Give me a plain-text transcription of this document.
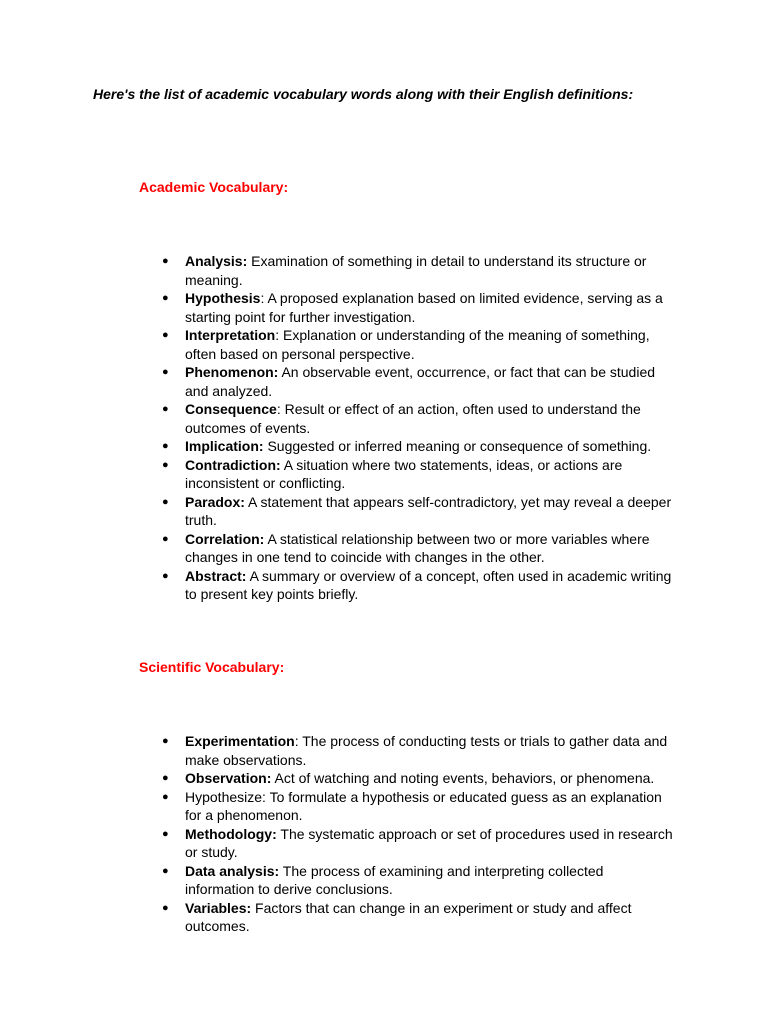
Here's the list of academic vocabulary words along with their English definitions:

Academic Vocabulary:

● Analysis: Examination of something in detail to understand its structure or meaning.
● Hypothesis: A proposed explanation based on limited evidence, serving as a starting point for further investigation.
● Interpretation: Explanation or understanding of the meaning of something, often based on personal perspective.
● Phenomenon: An observable event, occurrence, or fact that can be studied and analyzed.
● Consequence: Result or effect of an action, often used to understand the outcomes of events.
● Implication: Suggested or inferred meaning or consequence of something.
● Contradiction: A situation where two statements, ideas, or actions are inconsistent or conflicting.
● Paradox: A statement that appears self-contradictory, yet may reveal a deeper truth.
● Correlation: A statistical relationship between two or more variables where changes in one tend to coincide with changes in the other.
● Abstract: A summary or overview of a concept, often used in academic writing to present key points briefly.

Scientific Vocabulary:

● Experimentation: The process of conducting tests or trials to gather data and make observations.
● Observation: Act of watching and noting events, behaviors, or phenomena.
● Hypothesize: To formulate a hypothesis or educated guess as an explanation for a phenomenon.
● Methodology: The systematic approach or set of procedures used in research or study.
● Data analysis: The process of examining and interpreting collected information to derive conclusions.
● Variables: Factors that can change in an experiment or study and affect outcomes.
